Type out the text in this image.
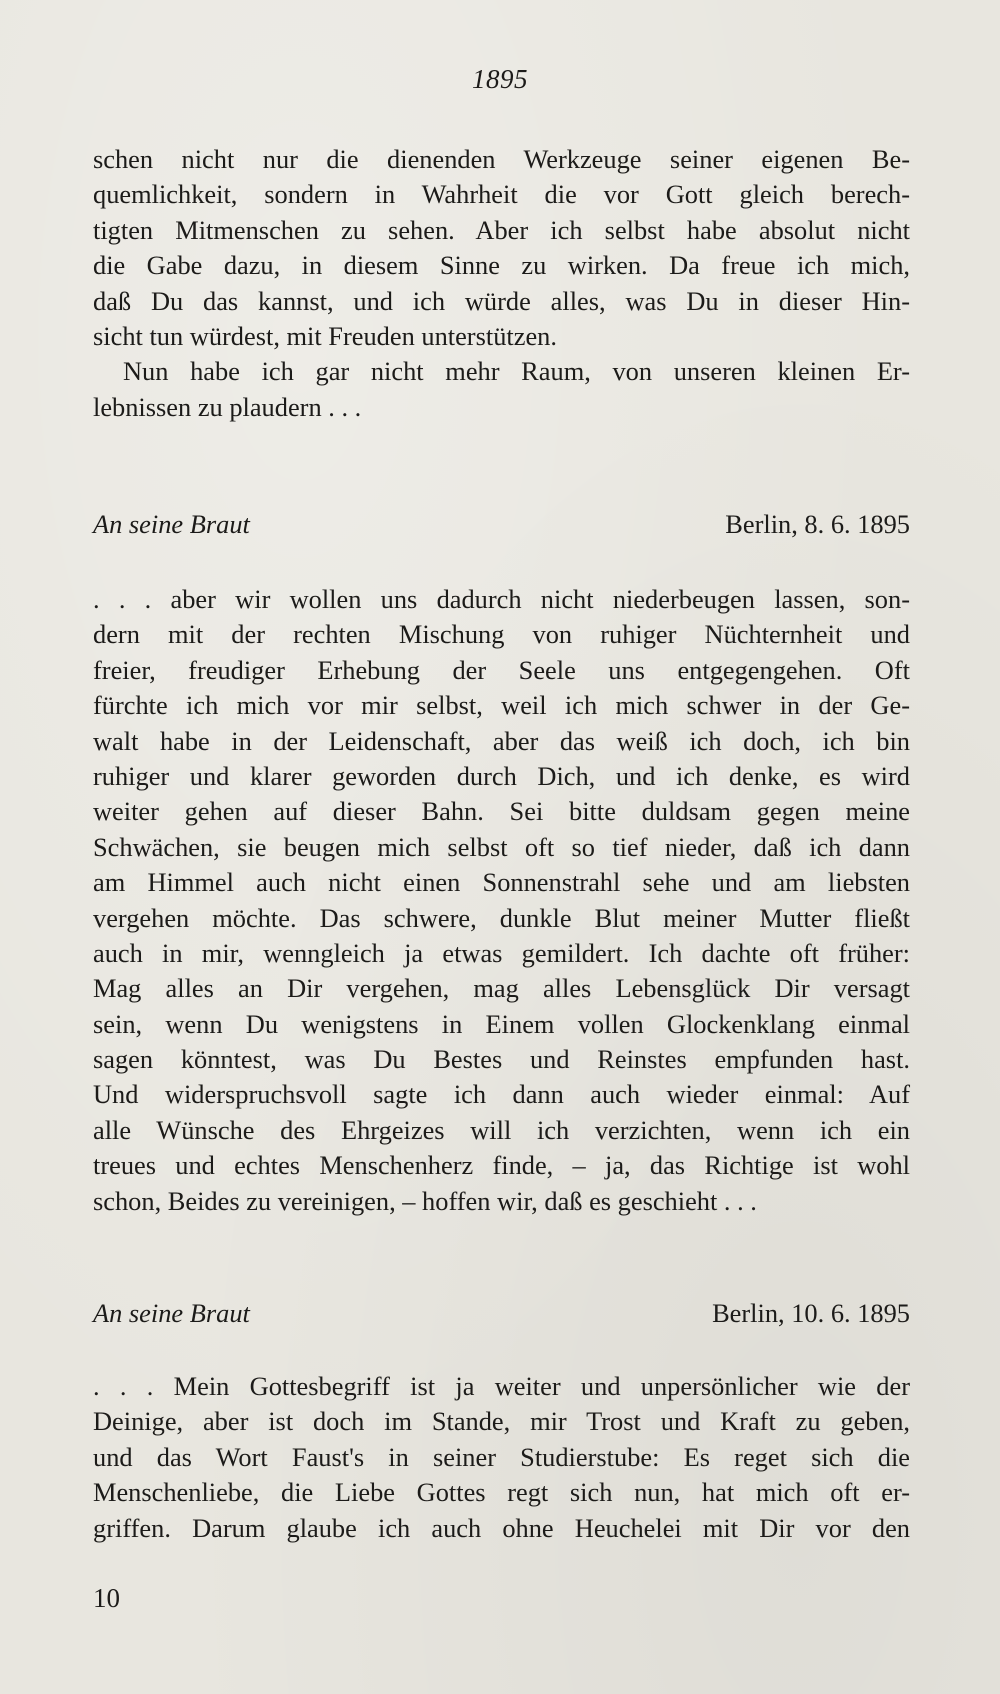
1895
schen nicht nur die dienenden Werkzeuge seiner eigenen Be-
quemlichkeit, sondern in Wahrheit die vor Gott gleich berech-
tigten Mitmenschen zu sehen. Aber ich selbst habe absolut nicht
die Gabe dazu, in diesem Sinne zu wirken. Da freue ich mich,
daß Du das kannst, und ich würde alles, was Du in dieser Hin-
sicht tun würdest, mit Freuden unterstützen.
Nun habe ich gar nicht mehr Raum, von unseren kleinen Er-
lebnissen zu plaudern . . .
An seine Braut	Berlin, 8. 6. 1895
. . . aber wir wollen uns dadurch nicht niederbeugen lassen, son-
dern mit der rechten Mischung von ruhiger Nüchternheit und
freier, freudiger Erhebung der Seele uns entgegengehen. Oft
fürchte ich mich vor mir selbst, weil ich mich schwer in der Ge-
walt habe in der Leidenschaft, aber das weiß ich doch, ich bin
ruhiger und klarer geworden durch Dich, und ich denke, es wird
weiter gehen auf dieser Bahn. Sei bitte duldsam gegen meine
Schwächen, sie beugen mich selbst oft so tief nieder, daß ich dann
am Himmel auch nicht einen Sonnenstrahl sehe und am liebsten
vergehen möchte. Das schwere, dunkle Blut meiner Mutter fließt
auch in mir, wenngleich ja etwas gemildert. Ich dachte oft früher:
Mag alles an Dir vergehen, mag alles Lebensglück Dir versagt
sein, wenn Du wenigstens in Einem vollen Glockenklang einmal
sagen könntest, was Du Bestes und Reinstes empfunden hast.
Und widerspruchsvoll sagte ich dann auch wieder einmal: Auf
alle Wünsche des Ehrgeizes will ich verzichten, wenn ich ein
treues und echtes Menschenherz finde, – ja, das Richtige ist wohl
schon, Beides zu vereinigen, – hoffen wir, daß es geschieht . . .
An seine Braut	Berlin, 10. 6. 1895
. . . Mein Gottesbegriff ist ja weiter und unpersönlicher wie der
Deinige, aber ist doch im Stande, mir Trost und Kraft zu geben,
und das Wort Faust's in seiner Studierstube: Es reget sich die
Menschenliebe, die Liebe Gottes regt sich nun, hat mich oft er-
griffen. Darum glaube ich auch ohne Heuchelei mit Dir vor den
10
